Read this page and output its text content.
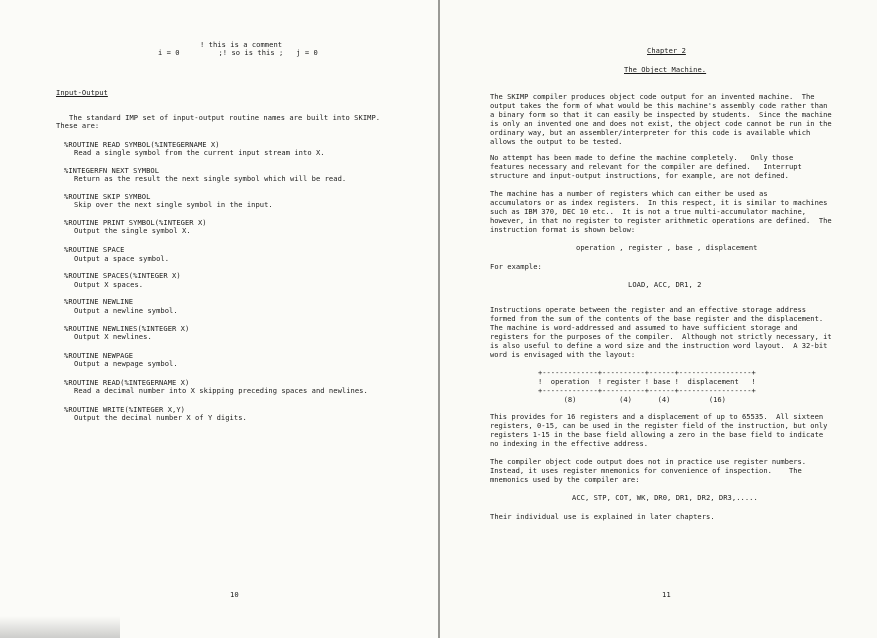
! this is a comment
i = 0         ;! so is this ;   j = 0
Input-Output
The standard IMP set of input-output routine names are built into SKIMP.
These are:
%ROUTINE READ SYMBOL(%INTEGERNAME X)
Read a single symbol from the current input stream into X.
%INTEGERFN NEXT SYMBOL
Return as the result the next single symbol which will be read.
%ROUTINE SKIP SYMBOL
Skip over the next single symbol in the input.
%ROUTINE PRINT SYMBOL(%INTEGER X)
Output the single symbol X.
%ROUTINE SPACE
Output a space symbol.
%ROUTINE SPACES(%INTEGER X)
Output X spaces.
%ROUTINE NEWLINE
Output a newline symbol.
%ROUTINE NEWLINES(%INTEGER X)
Output X newlines.
%ROUTINE NEWPAGE
Output a newpage symbol.
%ROUTINE READ(%INTEGERNAME X)
Read a decimal number into X skipping preceding spaces and newlines.
%ROUTINE WRITE(%INTEGER X,Y)
Output the decimal number X of Y digits.
10
Chapter 2
The Object Machine.
The SKIMP compiler produces object code output for an invented machine.  The
output takes the form of what would be this machine's assembly code rather than
a binary form so that it can easily be inspected by students.  Since the machine
is only an invented one and does not exist, the object code cannot be run in the
ordinary way, but an assembler/interpreter for this code is available which
allows the output to be tested.
No attempt has been made to define the machine completely.   Only those
features necessary and relevant for the compiler are defined.   Interrupt
structure and input-output instructions, for example, are not defined.
The machine has a number of registers which can either be used as
accumulators or as index registers.  In this respect, it is similar to machines
such as IBM 370, DEC 10 etc..  It is not a true multi-accumulator machine,
however, in that no register to register arithmetic operations are defined.  The
instruction format is shown below:
operation , register , base , displacement
For example:
LOAD, ACC, DR1, 2
Instructions operate between the register and an effective storage address
formed from the sum of the contents of the base register and the displacement.
The machine is word-addressed and assumed to have sufficient storage and
registers for the purposes of the compiler.  Although not strictly necessary, it
is also useful to define a word size and the instruction word layout.  A 32-bit
word is envisaged with the layout:
+-------------+----------+------+-----------------+
!  operation  ! register ! base !  displacement   !
+-------------+----------+------+-----------------+
(8)          (4)      (4)         (16)
This provides for 16 registers and a displacement of up to 65535.  All sixteen
registers, 0-15, can be used in the register field of the instruction, but only
registers 1-15 in the base field allowing a zero in the base field to indicate
no indexing in the effective address.
The compiler object code output does not in practice use register numbers.
Instead, it uses register mnemonics for convenience of inspection.    The
mnemonics used by the compiler are:
ACC, STP, COT, WK, DR0, DR1, DR2, DR3,.....
Their individual use is explained in later chapters.
11
